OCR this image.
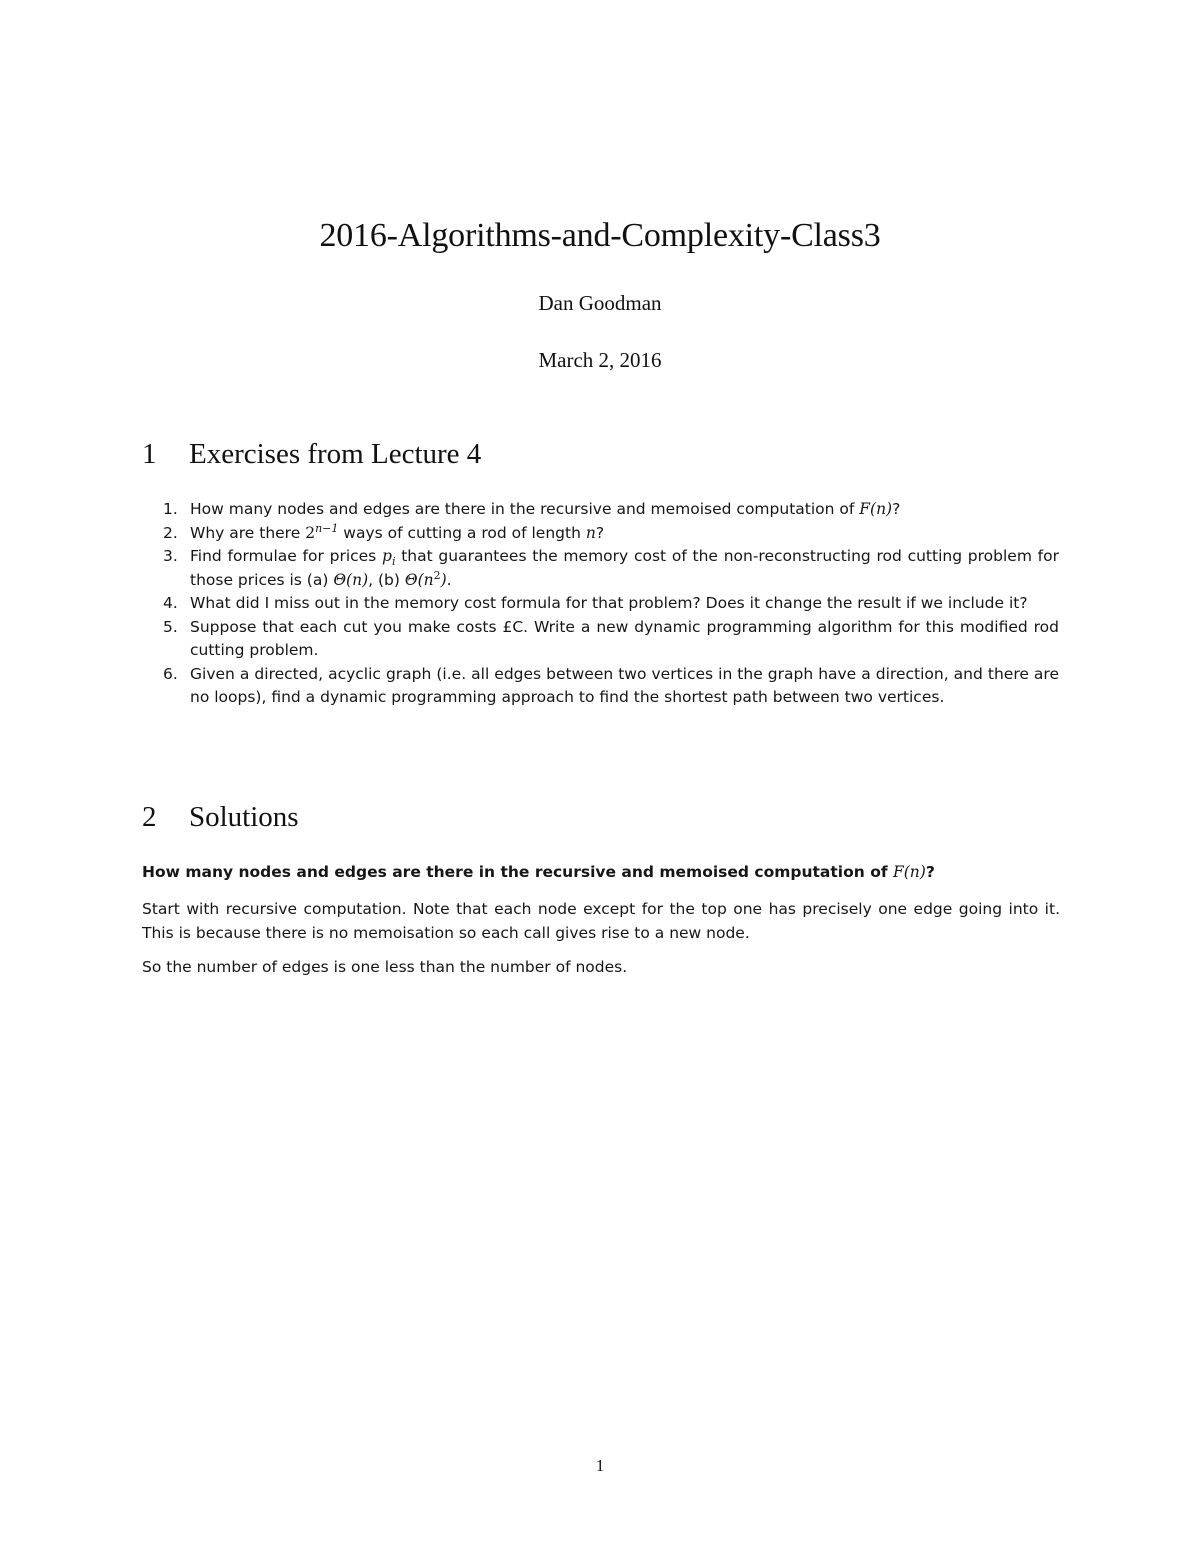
2016-Algorithms-and-Complexity-Class3
Dan Goodman
March 2, 2016
1 Exercises from Lecture 4
1. How many nodes and edges are there in the recursive and memoised computation of F(n)?
2. Why are there $2^{n-1}$ ways of cutting a rod of length n?
3. Find formulae for prices $p_i$ that guarantees the memory cost of the non-reconstructing rod cutting problem for those prices is (a) Θ(n), (b) $\Theta(n^2)$.
4. What did I miss out in the memory cost formula for that problem? Does it change the result if we include it?
5. Suppose that each cut you make costs £C. Write a new dynamic programming algorithm for this modified rod cutting problem.
6. Given a directed, acyclic graph (i.e. all edges between two vertices in the graph have a direction, and there are no loops), find a dynamic programming approach to find the shortest path between two vertices.
2 Solutions
How many nodes and edges are there in the recursive and memoised computation of F(n)?
Start with recursive computation. Note that each node except for the top one has precisely one edge going into it. This is because there is no memoisation so each call gives rise to a new node.
So the number of edges is one less than the number of nodes.
1
